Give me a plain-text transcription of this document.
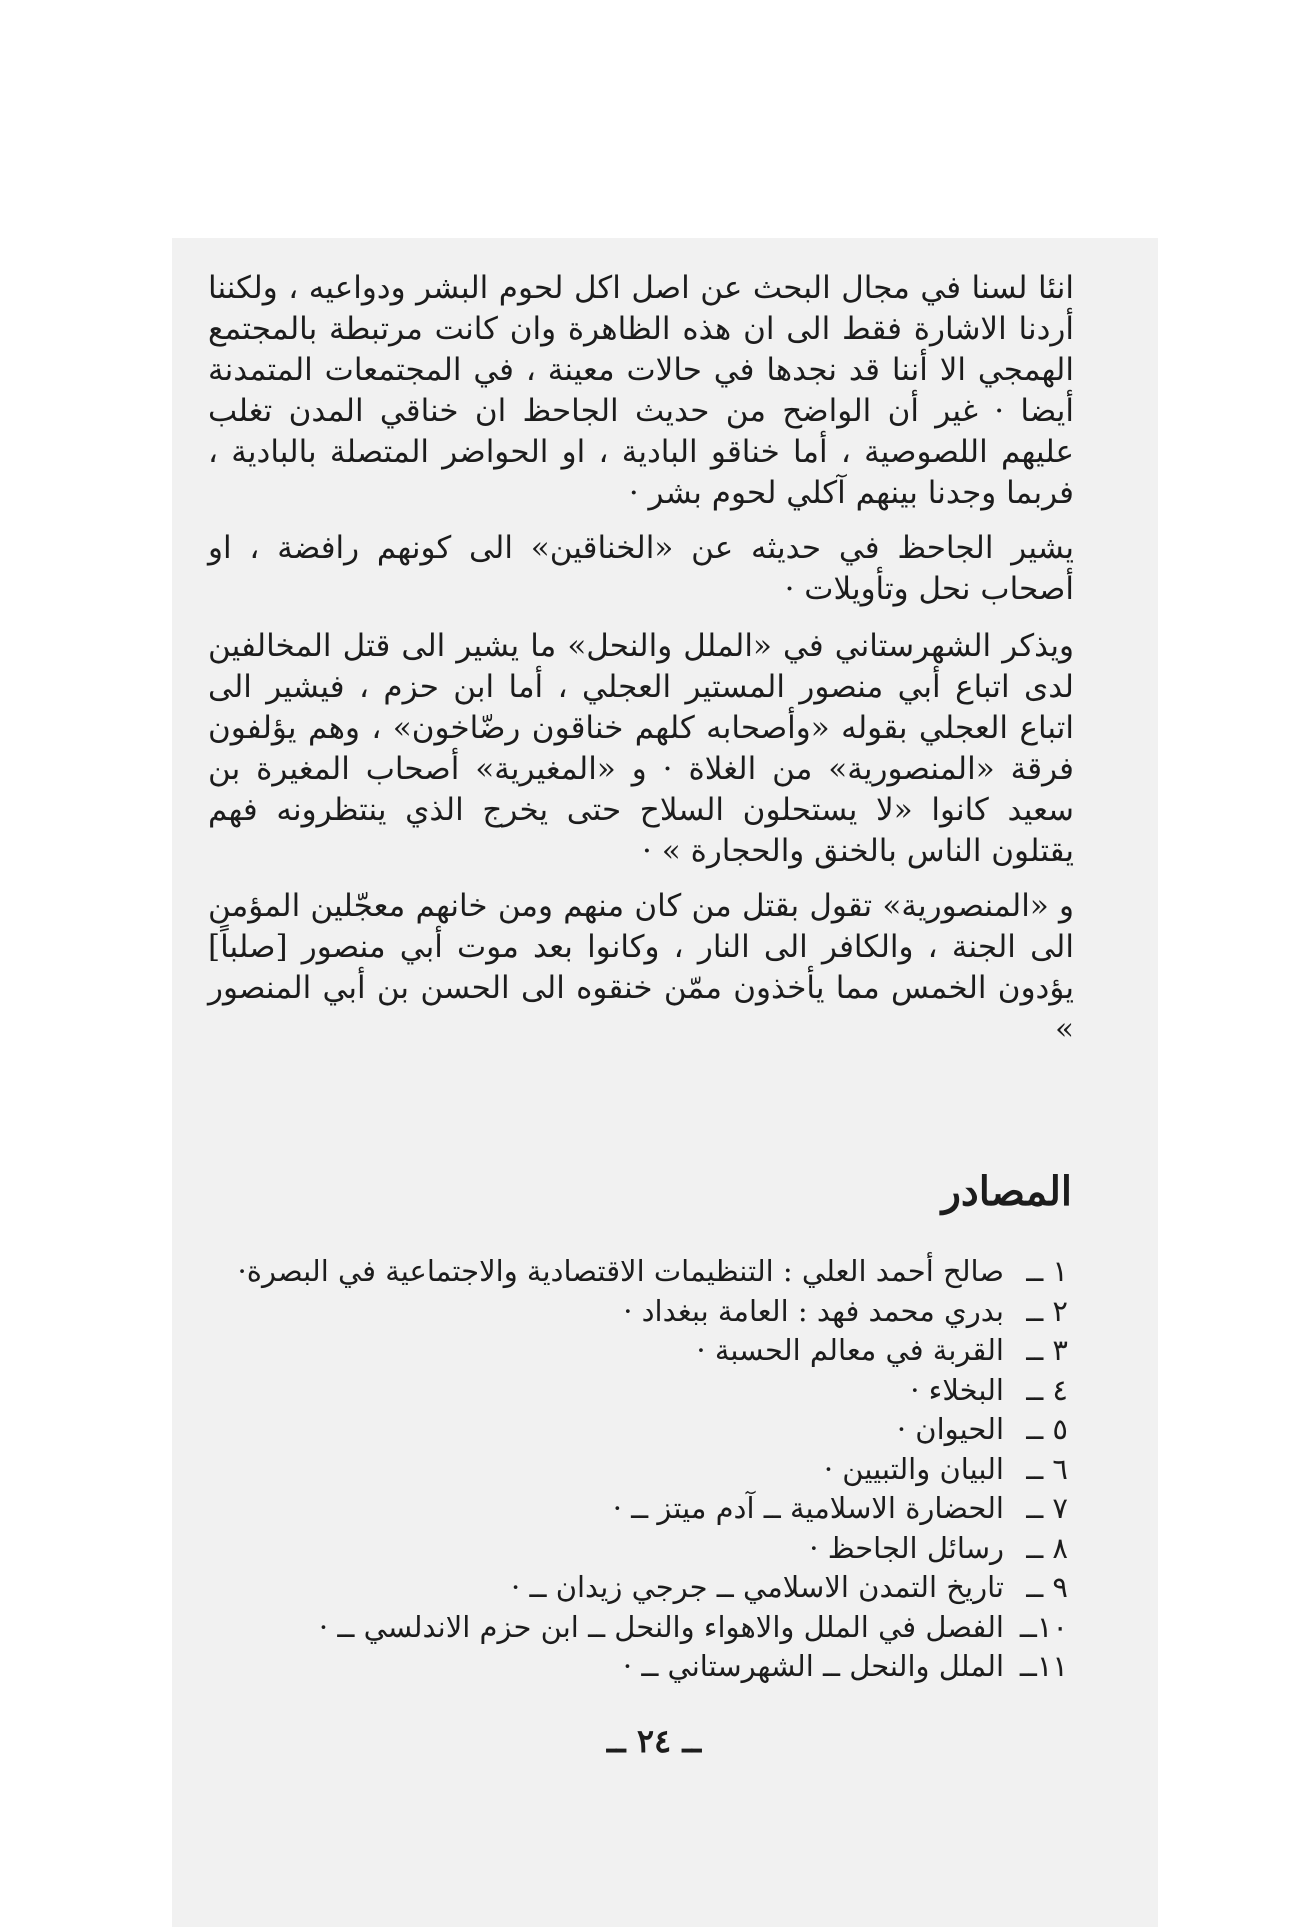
انئا لسنا في مجال البحث عن اصل اكل لحوم البشر ودواعيه ، ولكننا أردنا الاشارة فقط الى ان هذه الظاهرة وان كانت مرتبطة بالمجتمع الهمجي الا أننا قد نجدها في حالات معينة ، في المجتمعات المتمدنة أيضا · غير أن الواضح من حديث الجاحظ ان خناقي المدن تغلب عليهم اللصوصية ، أما خناقو البادية ، او الحواضر المتصلة بالبادية ، فربما وجدنا بينهم آكلي لحوم بشر ·

يشير الجاحظ في حديثه عن «الخناقين» الى كونهم رافضة ، او أصحاب نحل وتأويلات ·

ويذكر الشهرستاني في «الملل والنحل» ما يشير الى قتل المخالفين لدى اتباع أبي منصور المستير العجلي ، أما ابن حزم ، فيشير الى اتباع العجلي بقوله «وأصحابه كلهم خناقون رضّاخون» ، وهم يؤلفون فرقة «المنصورية» من الغلاة · و «المغيرية» أصحاب المغيرة بن سعيد كانوا «لا يستحلون السلاح حتى يخرج الذي ينتظرونه فهم يقتلون الناس بالخنق والحجارة » ·

و «المنصورية» تقول بقتل من كان منهم ومن خانهم معجّلين المؤمن الى الجنة ، والكافر الى النار ، وكانوا بعد موت أبي منصور [صلباً] يؤدون الخمس مما يأخذون ممّن خنقوه الى الحسن بن أبي المنصور »

المصادر
١ ــصالح أحمد العلي : التنظيمات الاقتصادية والاجتماعية في البصرة·
٢ ــبدري محمد فهد : العامة ببغداد ·
٣ ــالقربة في معالم الحسبة ·
٤ ــالبخلاء ·
٥ ــالحيوان ·
٦ ــالبيان والتبيين ·
٧ ــالحضارة الاسلامية ــ آدم ميتز ــ ·
٨ ــرسائل الجاحظ ·
٩ ــتاريخ التمدن الاسلامي ــ جرجي زيدان ــ ·
١٠ــالفصل في الملل والاهواء والنحل ــ ابن حزم الاندلسي ــ ·
١١ــالملل والنحل ــ الشهرستاني ــ ·
ــ ٢٤ ــ
